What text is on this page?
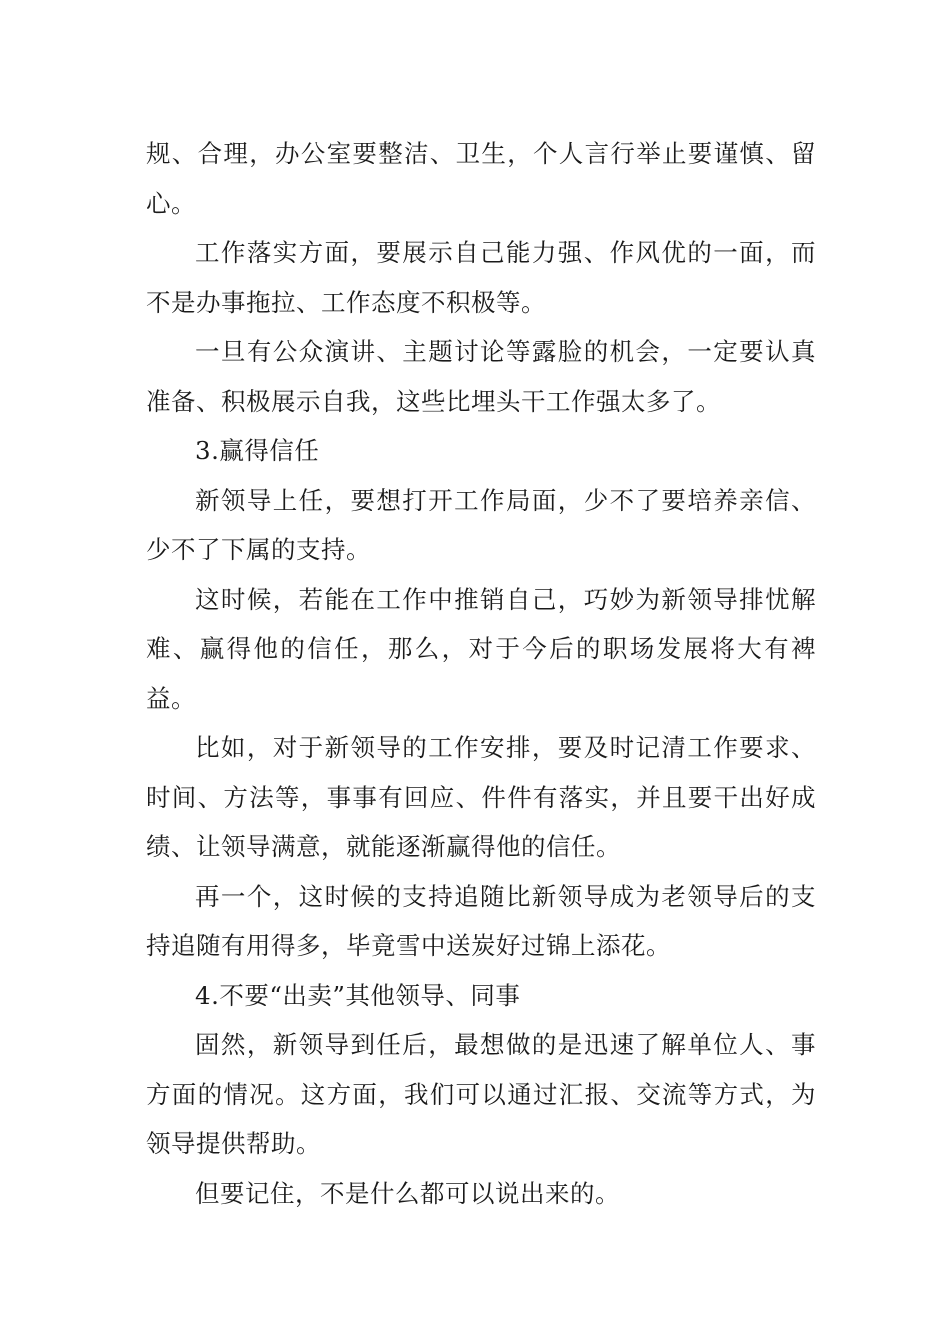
规、合理，办公室要整洁、卫生，个人言行举止要谨慎、留心。

工作落实方面，要展示自己能力强、作风优的一面，而不是办事拖拉、工作态度不积极等。

一旦有公众演讲、主题讨论等露脸的机会，一定要认真准备、积极展示自我，这些比埋头干工作强太多了。

3.赢得信任

新领导上任，要想打开工作局面，少不了要培养亲信、少不了下属的支持。

这时候，若能在工作中推销自己，巧妙为新领导排忧解难、赢得他的信任，那么，对于今后的职场发展将大有裨益。

比如，对于新领导的工作安排，要及时记清工作要求、时间、方法等，事事有回应、件件有落实，并且要干出好成绩、让领导满意，就能逐渐赢得他的信任。

再一个，这时候的支持追随比新领导成为老领导后的支持追随有用得多，毕竟雪中送炭好过锦上添花。

4.不要“出卖”其他领导、同事

固然，新领导到任后，最想做的是迅速了解单位人、事方面的情况。这方面，我们可以通过汇报、交流等方式，为领导提供帮助。

但要记住，不是什么都可以说出来的。
